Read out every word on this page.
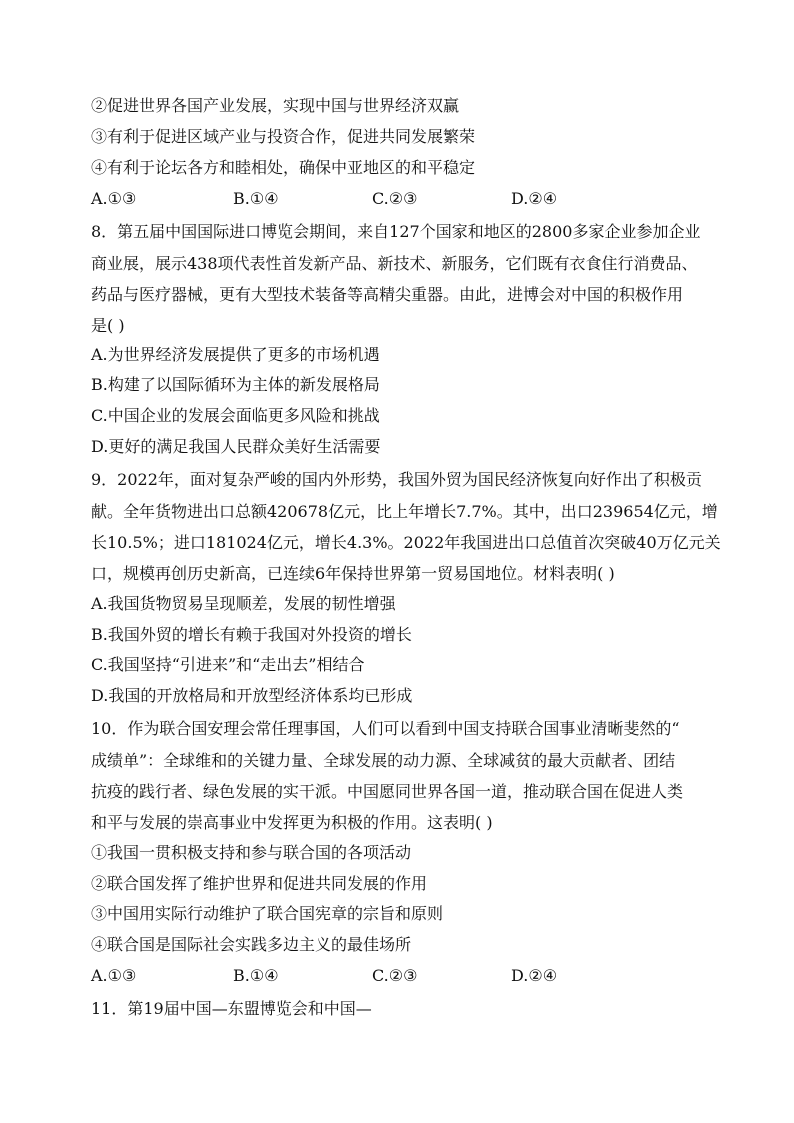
②促进世界各国产业发展，实现中国与世界经济双赢
③有利于促进区域产业与投资合作，促进共同发展繁荣
④有利于论坛各方和睦相处，确保中亚地区的和平稳定
A.①③	B.①④	C.②③	D.②④
8．第五届中国国际进口博览会期间，来自127个国家和地区的2800多家企业参加企业
商业展，展示438项代表性首发新产品、新技术、新服务，它们既有衣食住行消费品、
药品与医疗器械，更有大型技术装备等高精尖重器。由此，进博会对中国的积极作用
是( )
A.为世界经济发展提供了更多的市场机遇
B.构建了以国际循环为主体的新发展格局
C.中国企业的发展会面临更多风险和挑战
D.更好的满足我国人民群众美好生活需要
9．2022年，面对复杂严峻的国内外形势，我国外贸为国民经济恢复向好作出了积极贡
献。全年货物进出口总额420678亿元，比上年增长7.7%。其中，出口239654亿元，增
长10.5%；进口181024亿元，增长4.3%。2022年我国进出口总值首次突破40万亿元关
口，规模再创历史新高，已连续6年保持世界第一贸易国地位。材料表明( )
A.我国货物贸易呈现顺差，发展的韧性增强
B.我国外贸的增长有赖于我国对外投资的增长
C.我国坚持“引进来”和“走出去”相结合
D.我国的开放格局和开放型经济体系均已形成
10．作为联合国安理会常任理事国，人们可以看到中国支持联合国事业清晰斐然的“
成绩单”：全球维和的关键力量、全球发展的动力源、全球减贫的最大贡献者、团结
抗疫的践行者、绿色发展的实干派。中国愿同世界各国一道，推动联合国在促进人类
和平与发展的崇高事业中发挥更为积极的作用。这表明( )
①我国一贯积极支持和参与联合国的各项活动
②联合国发挥了维护世界和促进共同发展的作用
③中国用实际行动维护了联合国宪章的宗旨和原则
④联合国是国际社会实践多边主义的最佳场所
A.①③	B.①④	C.②③	D.②④
11．第19届中国—东盟博览会和中国—
